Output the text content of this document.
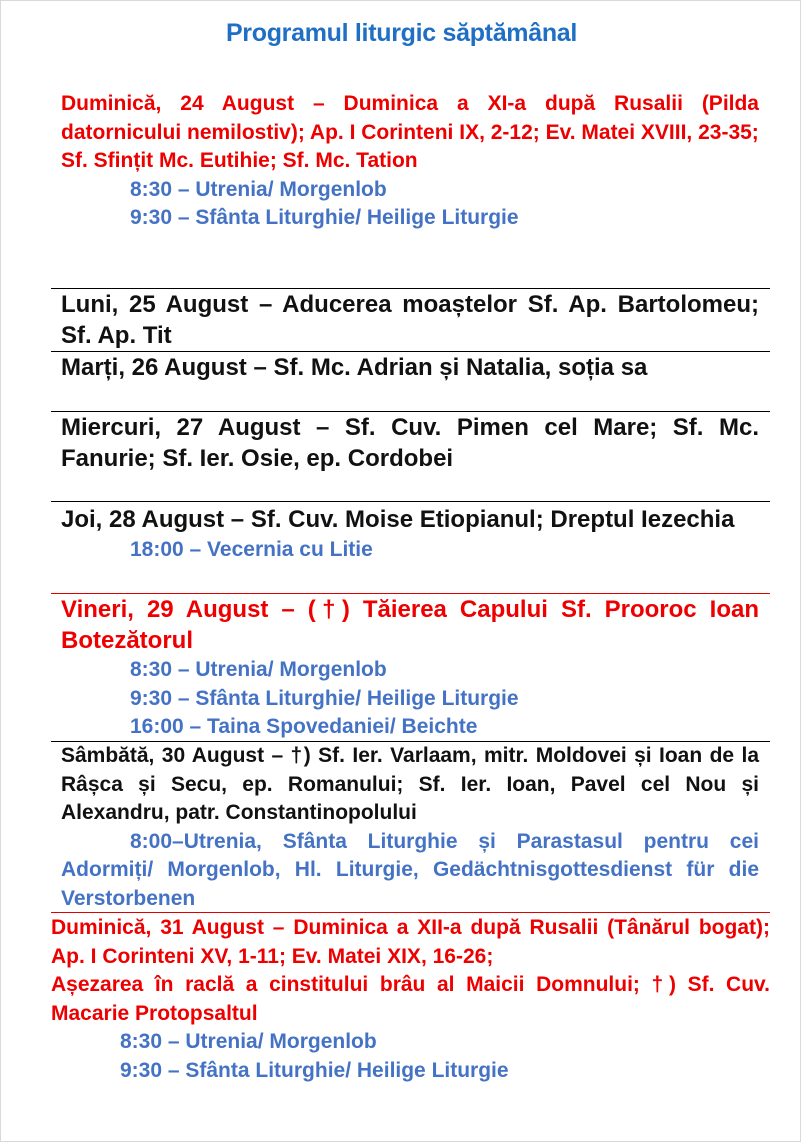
Programul liturgic săptămânal

Duminică, 24 August – Duminica a XI-a după Rusalii (Pilda datornicului nemilostiv); Ap. I Corinteni IX, 2-12; Ev. Matei XVIII, 23-35;

Sf. Sfințit Mc. Eutihie; Sf. Mc. Tation

8:30 – Utrenia/ Morgenlob
9:30 – Sfânta Liturghie/ Heilige Liturgie

Luni, 25 August – Aducerea moaștelor Sf. Ap. Bartolomeu; Sf. Ap. Tit

Marți, 26 August – Sf. Mc. Adrian și Natalia, soția sa

Miercuri, 27 August – Sf. Cuv. Pimen cel Mare; Sf. Mc. Fanurie; Sf. Ier. Osie, ep. Cordobei

Joi, 28 August – Sf. Cuv. Moise Etiopianul; Dreptul Iezechia

18:00 – Vecernia cu Litie

Vineri, 29 August – (†) Tăierea Capului Sf. Prooroc Ioan Botezătorul

8:30 – Utrenia/ Morgenlob
9:30 – Sfânta Liturghie/ Heilige Liturgie
16:00 – Taina Spovedaniei/ Beichte

Sâmbătă, 30 August – †) Sf. Ier. Varlaam, mitr. Moldovei și Ioan de la Râșca și Secu, ep. Romanului; Sf. Ier. Ioan, Pavel cel Nou și Alexandru, patr. Constantinopolului

8:00–Utrenia, Sfânta Liturghie și Parastasul pentru cei Adormiți/ Morgenlob, Hl. Liturgie, Gedächtnisgottesdienst für die Verstorbenen

Duminică, 31 August – Duminica a XII-a după Rusalii (Tânărul bogat); Ap. I Corinteni XV, 1-11; Ev. Matei XIX, 16-26;

Așezarea în raclă a cinstitului brâu al Maicii Domnului; †) Sf. Cuv. Macarie Protopsaltul

8:30 – Utrenia/ Morgenlob
9:30 – Sfânta Liturghie/ Heilige Liturgie
